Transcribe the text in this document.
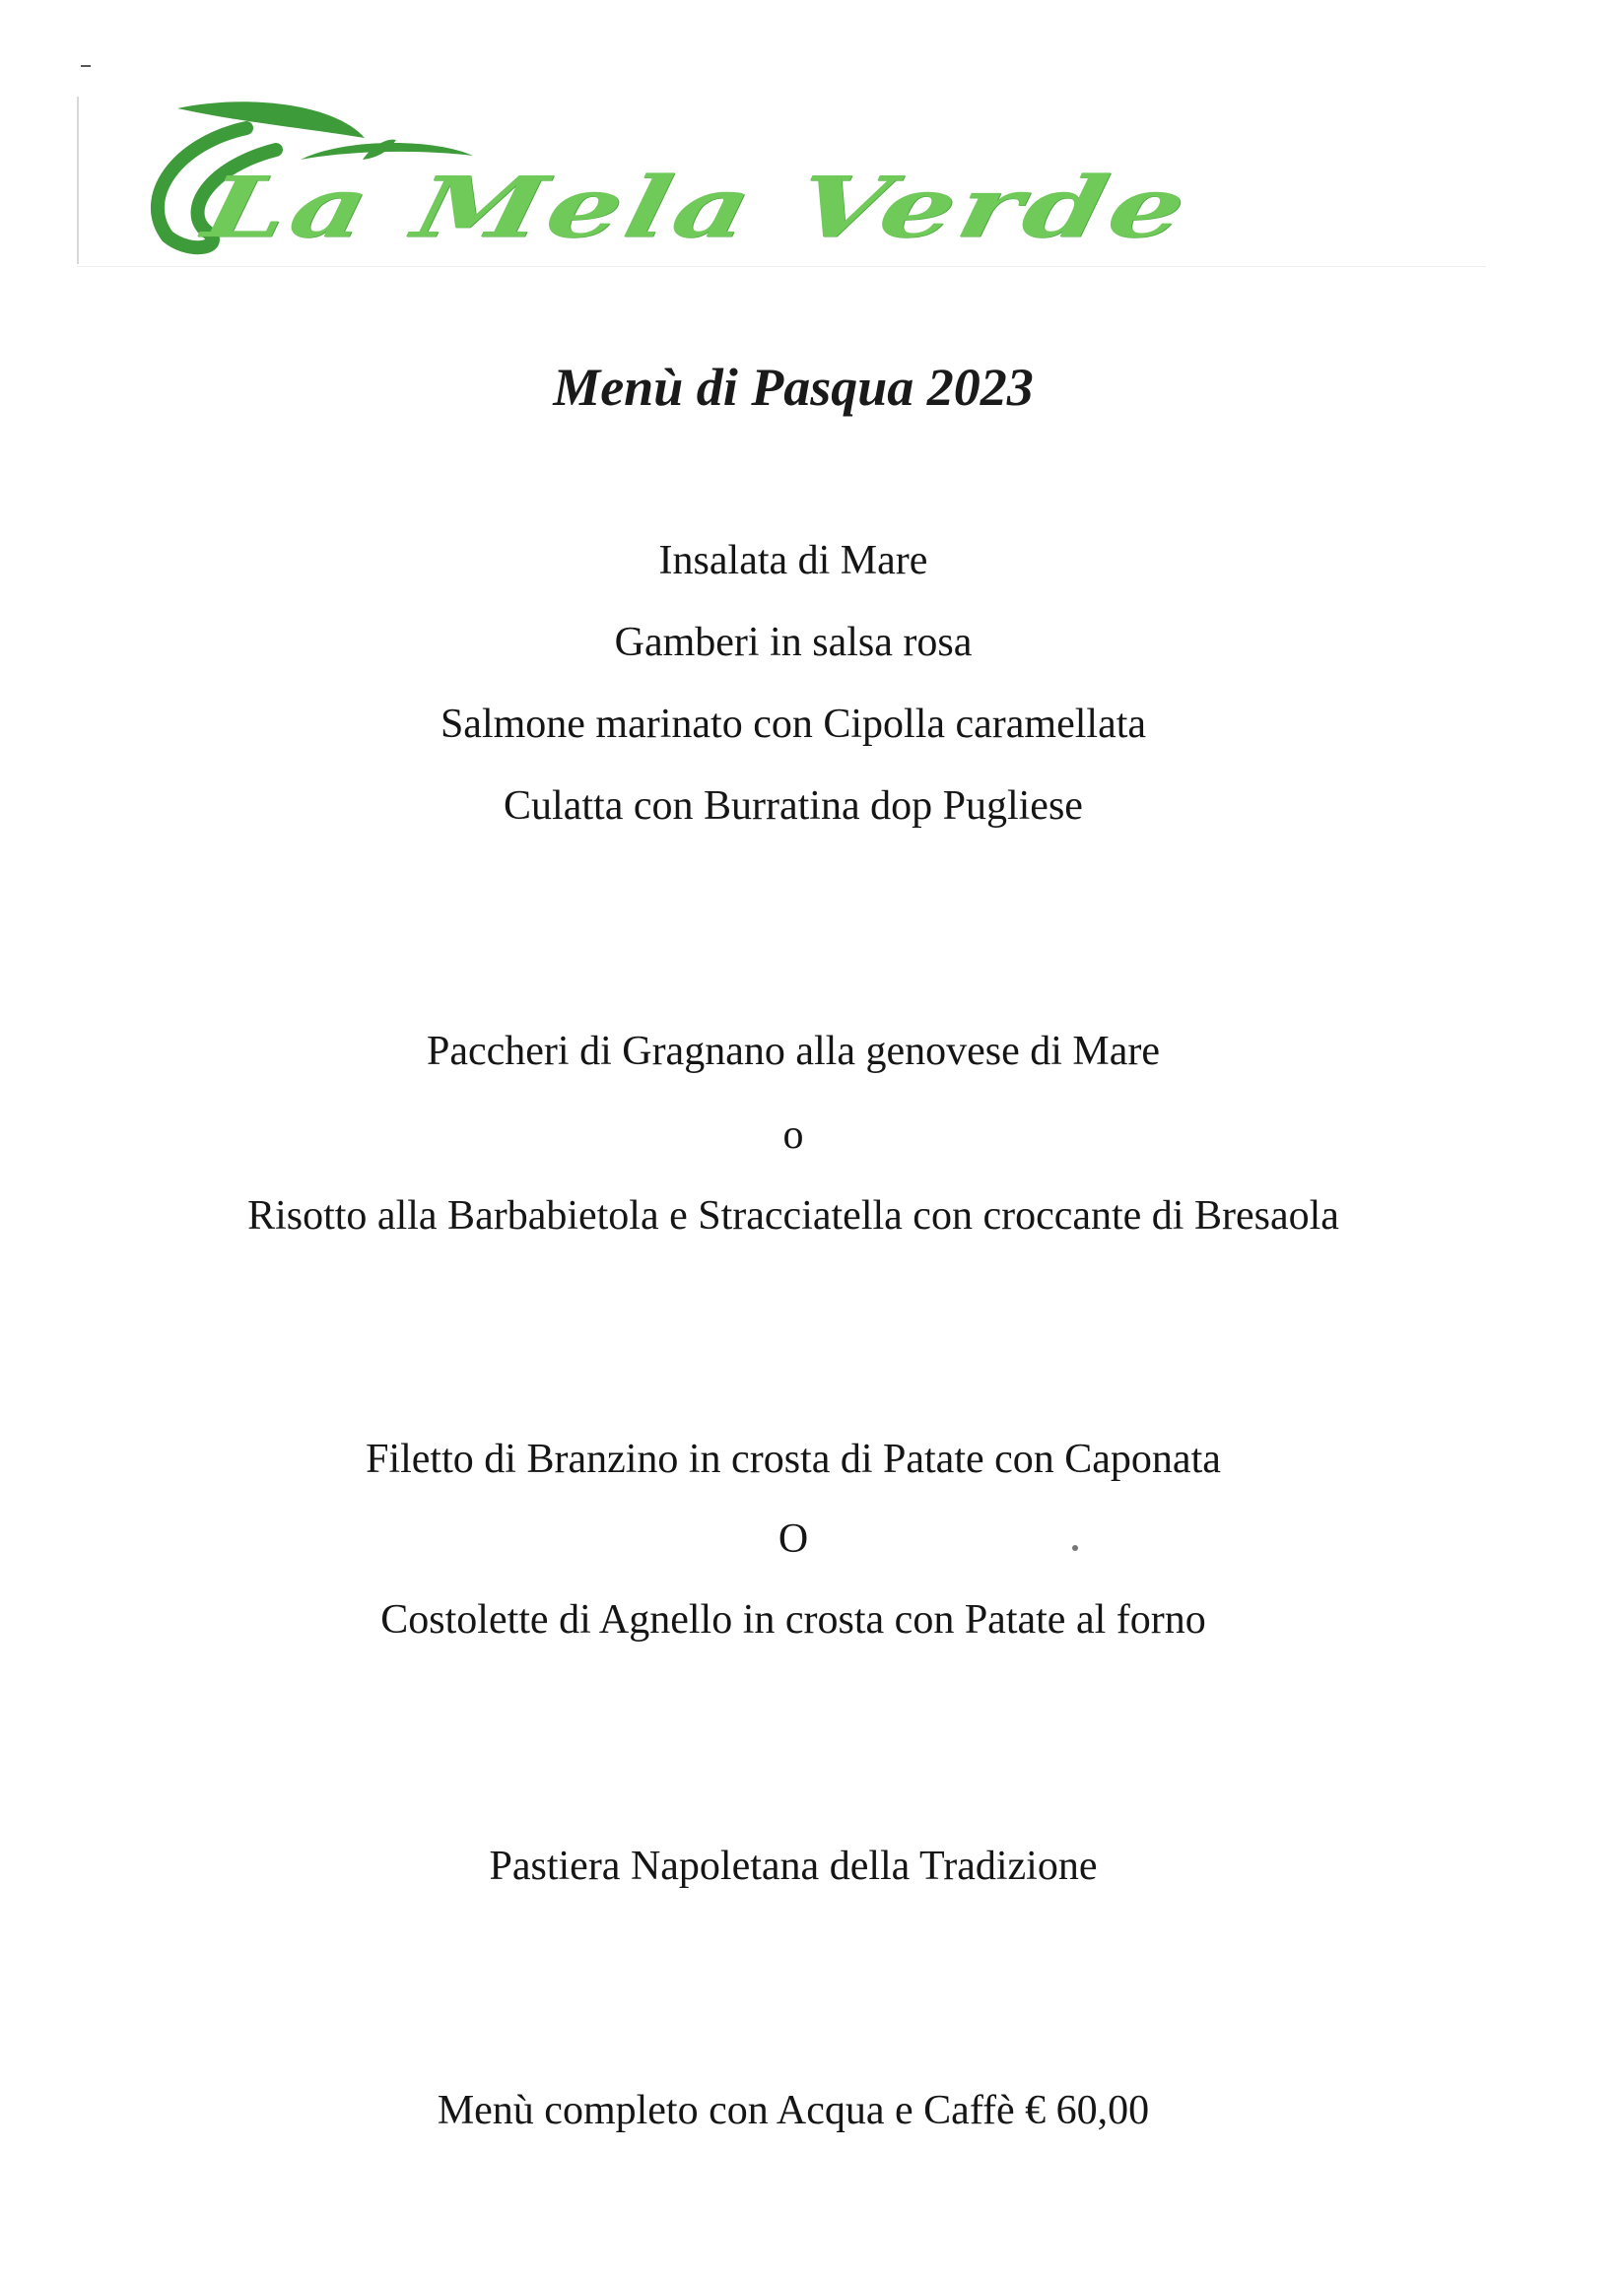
La Mela Verde
Menù di Pasqua 2023
Insalata di Mare
Gamberi in salsa rosa
Salmone marinato con Cipolla caramellata
Culatta con Burratina dop Pugliese
Paccheri di Gragnano alla genovese di Mare
o
Risotto alla Barbabietola e Stracciatella con croccante di Bresaola
Filetto di Branzino in crosta di Patate con Caponata
O
Costolette di Agnello in crosta con Patate al forno
Pastiera Napoletana della Tradizione
Menù completo con Acqua e Caffè € 60,00
